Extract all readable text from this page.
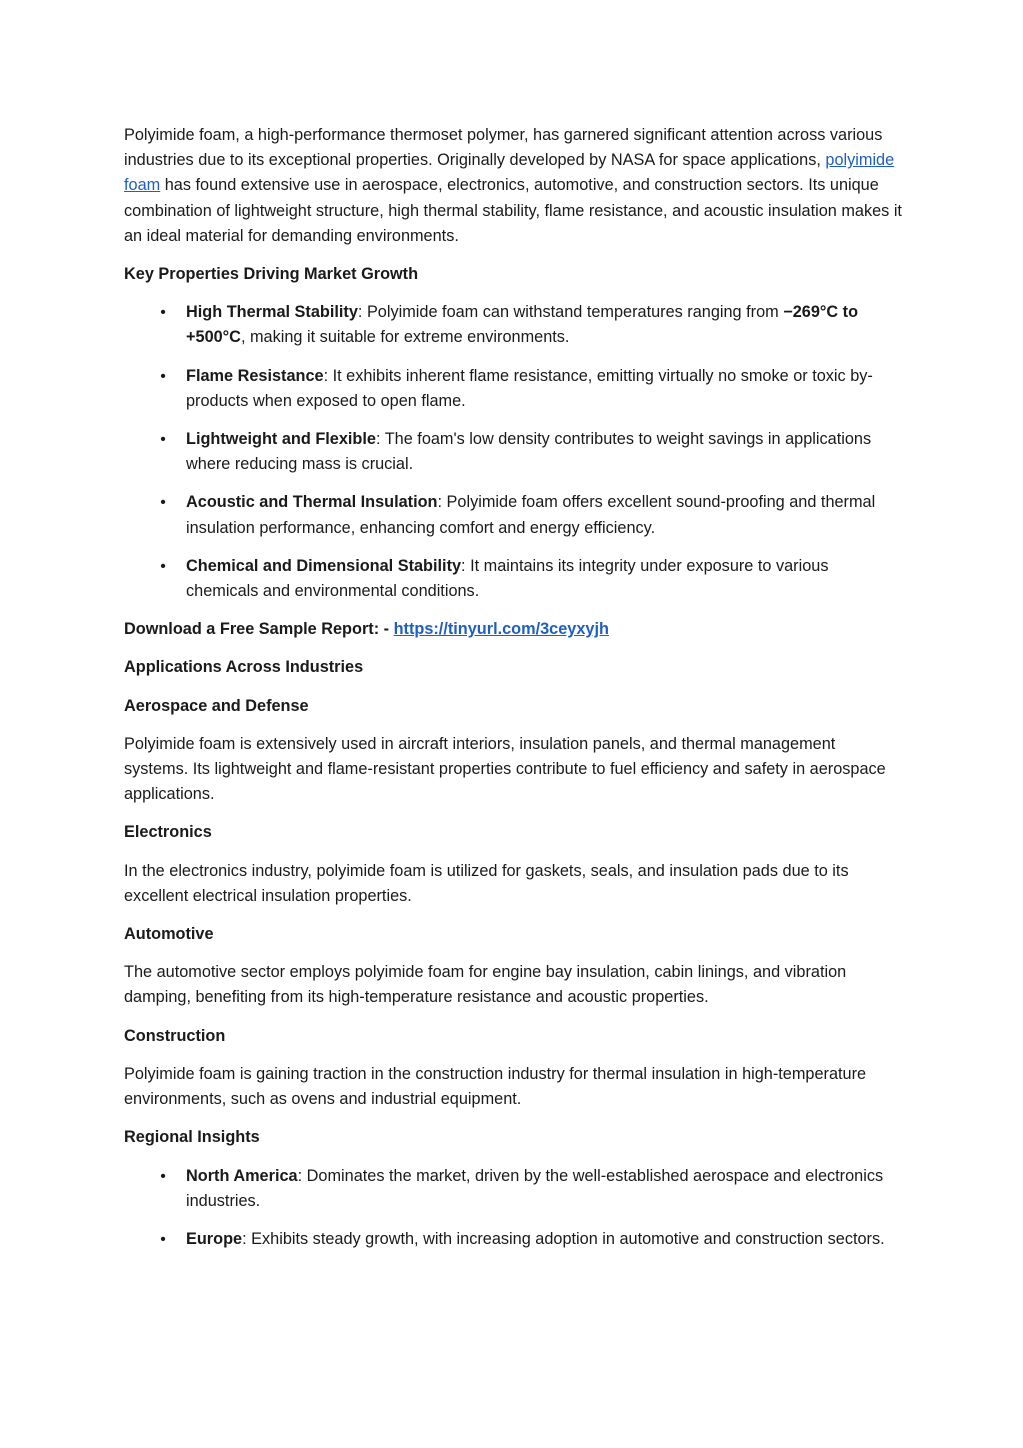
Polyimide foam, a high-performance thermoset polymer, has garnered significant attention across various industries due to its exceptional properties. Originally developed by NASA for space applications, polyimide foam has found extensive use in aerospace, electronics, automotive, and construction sectors. Its unique combination of lightweight structure, high thermal stability, flame resistance, and acoustic insulation makes it an ideal material for demanding environments.

Key Properties Driving Market Growth

• High Thermal Stability: Polyimide foam can withstand temperatures ranging from −269°C to +500°C, making it suitable for extreme environments.
• Flame Resistance: It exhibits inherent flame resistance, emitting virtually no smoke or toxic by-products when exposed to open flame.
• Lightweight and Flexible: The foam's low density contributes to weight savings in applications where reducing mass is crucial.
• Acoustic and Thermal Insulation: Polyimide foam offers excellent sound-proofing and thermal insulation performance, enhancing comfort and energy efficiency.
• Chemical and Dimensional Stability: It maintains its integrity under exposure to various chemicals and environmental conditions.

Download a Free Sample Report: - https://tinyurl.com/3ceyxyjh

Applications Across Industries

Aerospace and Defense

Polyimide foam is extensively used in aircraft interiors, insulation panels, and thermal management systems. Its lightweight and flame-resistant properties contribute to fuel efficiency and safety in aerospace applications.

Electronics

In the electronics industry, polyimide foam is utilized for gaskets, seals, and insulation pads due to its excellent electrical insulation properties.

Automotive

The automotive sector employs polyimide foam for engine bay insulation, cabin linings, and vibration damping, benefiting from its high-temperature resistance and acoustic properties.

Construction

Polyimide foam is gaining traction in the construction industry for thermal insulation in high-temperature environments, such as ovens and industrial equipment.

Regional Insights

• North America: Dominates the market, driven by the well-established aerospace and electronics industries.
• Europe: Exhibits steady growth, with increasing adoption in automotive and construction sectors.
